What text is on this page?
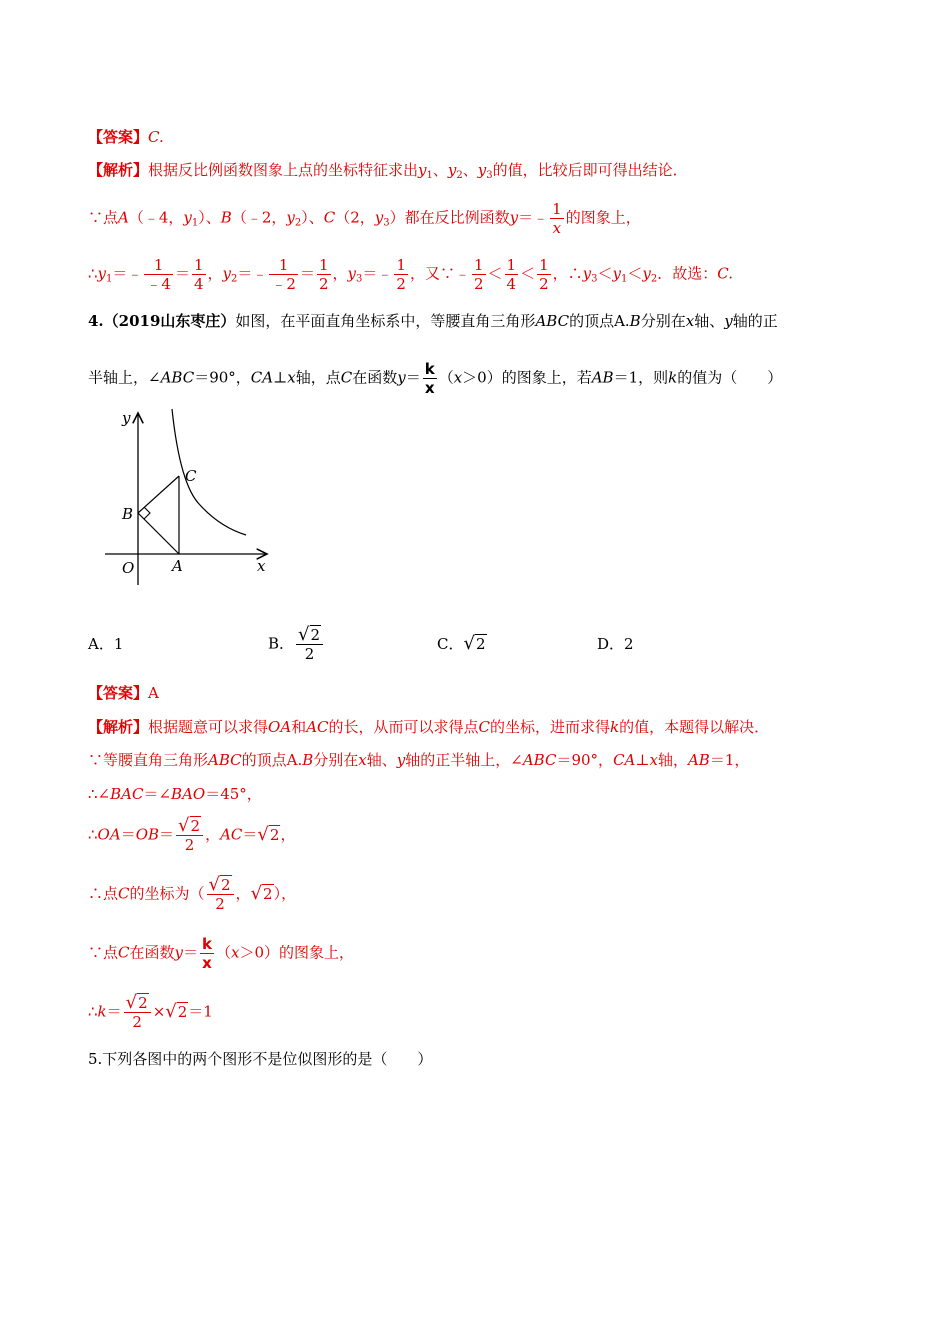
【答案】C.
【解析】根据反比例函数图象上点的坐标特征求出$y_1$、$y_2$、$y_3$的值，比较后即可得出结论．
∵点A（﹣4，$y_1$）、B（﹣2，$y_2$）、C（2，$y_3$）都在反比例函数y＝﹣ $\frac{1}{x}$ 的图象上，
$\therefore y_1=﹣ \frac{1}{﹣4} = \frac{1}{4}$ ，$y_2=﹣ \frac{1}{﹣2} = \frac{1}{2}$ ，$y_3=﹣ \frac{1}{2}$ ，又∵﹣ $\frac{1}{2} < \frac{1}{4} < \frac{1}{2}$ ，$\therefore y_3<y_1<y_2$．故选：C.
4.（2019山东枣庄）如图，在平面直角坐标系中，等腰直角三角形ABC的顶点A.B分别在x轴、y轴的正
半轴上，∠ABC＝90°，CA⊥x轴，点C在函数$y= \frac{k}{x} (x>0)$的图象上，若AB＝1，则k的值为（　　）
y
x
O	A
B
C
A．1	B． $\frac{√2}{2}$	C．√2	D．2
【答案】A
【解析】根据题意可以求得OA和AC的长，从而可以求得点C的坐标，进而求得k的值，本题得以解决．
∵等腰直角三角形ABC的顶点A.B分别在x轴、y轴的正半轴上，∠ABC＝90°，CA⊥x轴，AB＝1，
∴∠BAC＝∠BAO＝45°，
∴OA＝OB＝ $\frac{√2}{2}$ ，AC＝√2，
∴点C的坐标为（ $\frac{√2}{2}$ ，√2），
∵点C在函数$y= \frac{k}{x} (x>0)$的图象上，
∴k＝ $\frac{√2}{2} \times√2=1$
5.下列各图中的两个图形不是位似图形的是（　　）
